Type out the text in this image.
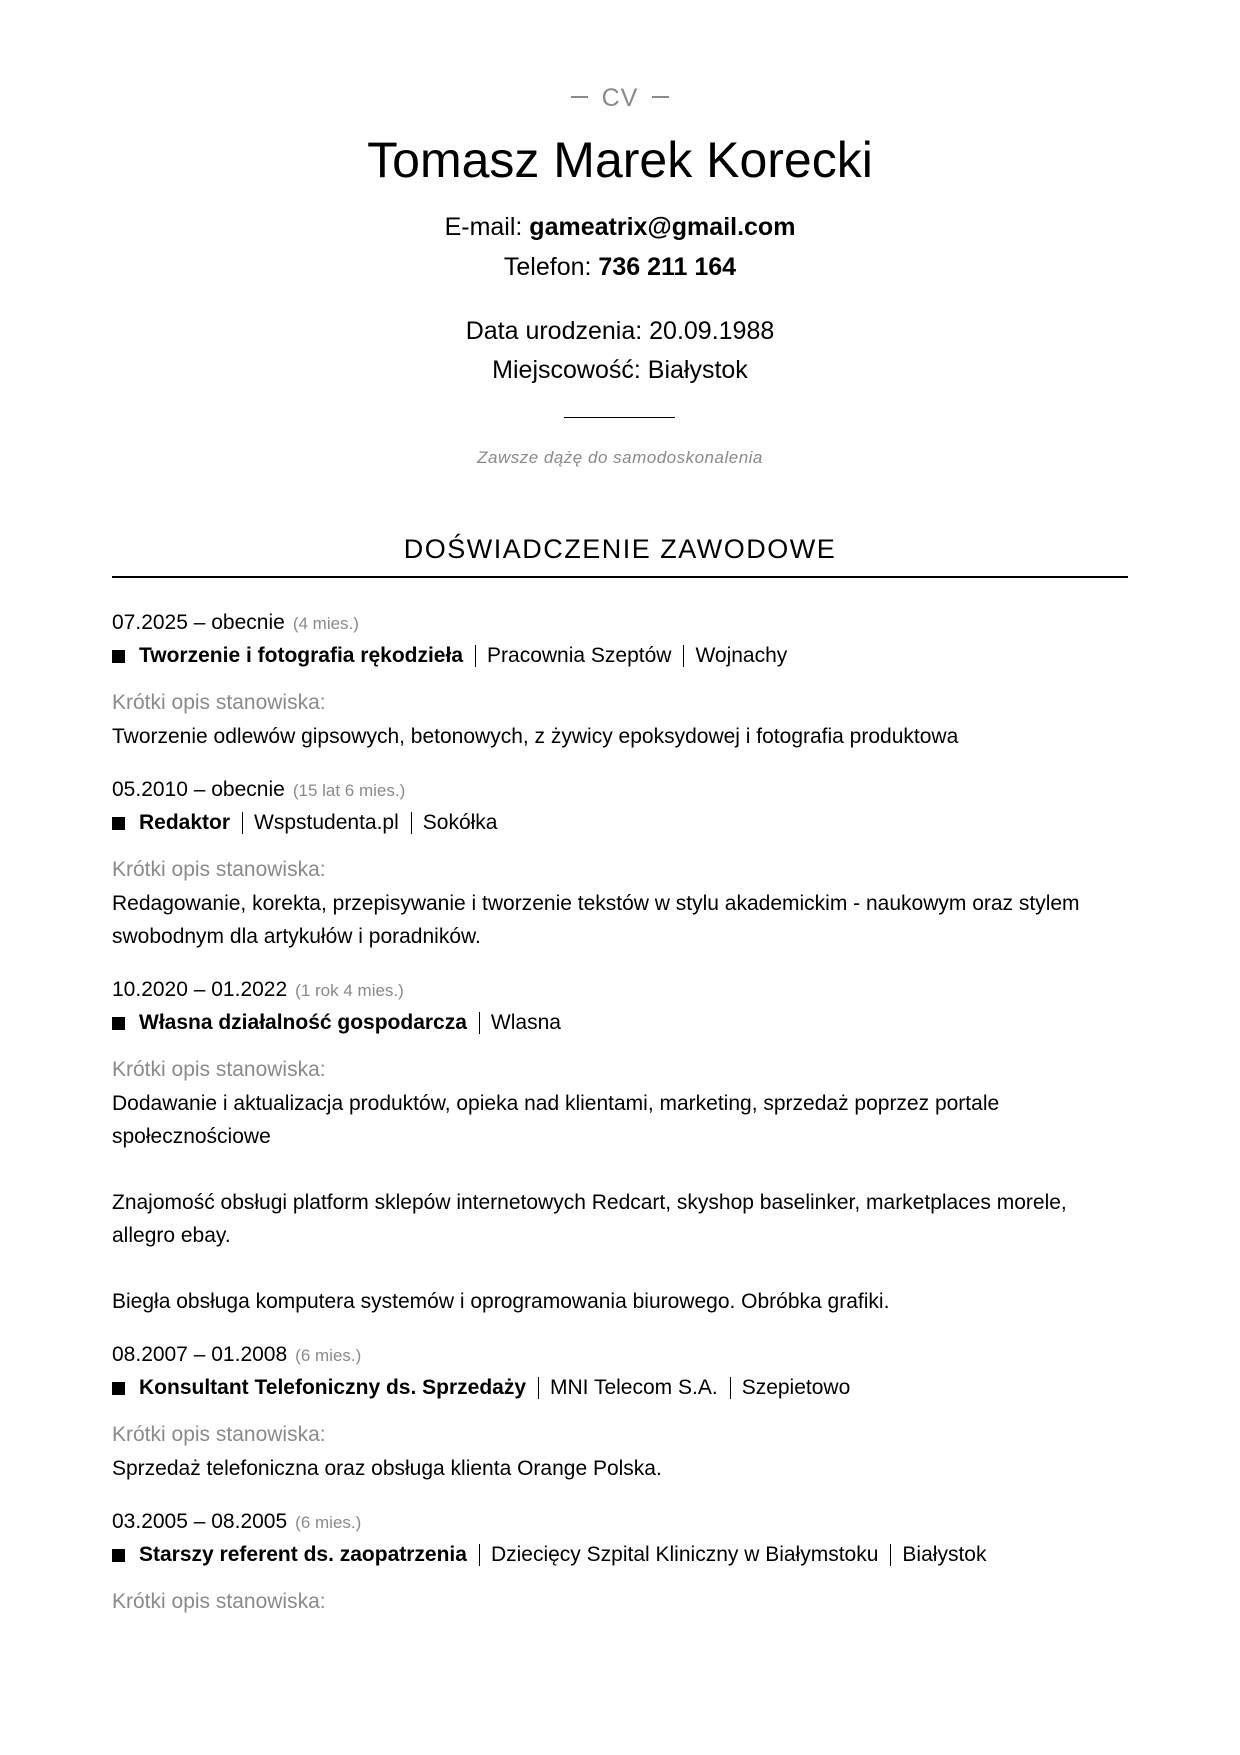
CV
Tomasz Marek Korecki
E-mail: gameatrix@gmail.com
Telefon: 736 211 164
Data urodzenia: 20.09.1988
Miejscowość: Białystok
Zawsze dążę do samodoskonalenia
DOŚWIADCZENIE ZAWODOWE
07.2025 – obecnie (4 mies.)
Tworzenie i fotografia rękodzieła Pracownia Szeptów Wojnachy
Krótki opis stanowiska:

Tworzenie odlewów gipsowych, betonowych, z żywicy epoksydowej i fotografia produktowa

05.2010 – obecnie (15 lat 6 mies.)
Redaktor Wspstudenta.pl Sokółka
Krótki opis stanowiska:

Redagowanie, korekta, przepisywanie i tworzenie tekstów w stylu akademickim - naukowym oraz stylem swobodnym dla artykułów i poradników.

10.2020 – 01.2022 (1 rok 4 mies.)
Własna działalność gospodarcza Wlasna
Krótki opis stanowiska:

Dodawanie i aktualizacja produktów, opieka nad klientami, marketing, sprzedaż poprzez portale społecznościowe

Znajomość obsługi platform sklepów internetowych Redcart, skyshop baselinker, marketplaces morele, allegro ebay.

Biegła obsługa komputera systemów i oprogramowania biurowego. Obróbka grafiki.

08.2007 – 01.2008 (6 mies.)
Konsultant Telefoniczny ds. Sprzedaży MNI Telecom S.A. Szepietowo
Krótki opis stanowiska:

Sprzedaż telefoniczna oraz obsługa klienta Orange Polska.

03.2005 – 08.2005 (6 mies.)
Starszy referent ds. zaopatrzenia Dziecięcy Szpital Kliniczny w Białymstoku Białystok
Krótki opis stanowiska:
